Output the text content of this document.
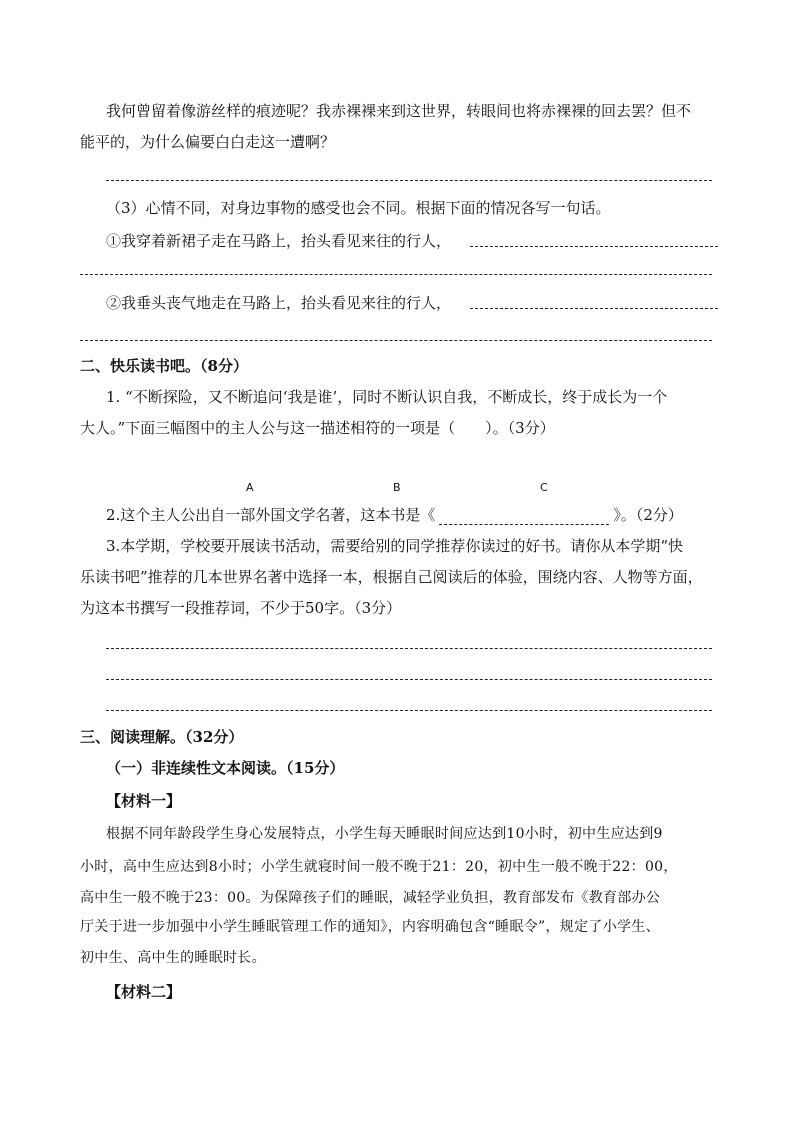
我何曾留着像游丝样的痕迹呢？我赤裸裸来到这世界，转眼间也将赤裸裸的回去罢？但不
能平的，为什么偏要白白走这一遭啊？
（3）心情不同，对身边事物的感受也会不同。根据下面的情况各写一句话。
①我穿着新裙子走在马路上，抬头看见来往的行人，
②我垂头丧气地走在马路上，抬头看见来往的行人，
二、快乐读书吧。（8分）
1. “不断探险，又不断追问‘我是谁’，同时不断认识自我，不断成长，终于成长为一个
大人。”下面三幅图中的主人公与这一描述相符的一项是（　　）。（3分）
A	B	C
2.这个主人公出自一部外国文学名著，这本书是《	》。（2分）
3.本学期，学校要开展读书活动，需要给别的同学推荐你读过的好书。请你从本学期“快
乐读书吧”推荐的几本世界名著中选择一本，根据自己阅读后的体验，围绕内容、人物等方面，
为这本书撰写一段推荐词，不少于50字。（3分）
三、阅读理解。（32分）
（一）非连续性文本阅读。（15分）
【材料一】
根据不同年龄段学生身心发展特点，小学生每天睡眠时间应达到10小时，初中生应达到9
小时，高中生应达到8小时；小学生就寝时间一般不晚于21：20，初中生一般不晚于22：00，
高中生一般不晚于23：00。为保障孩子们的睡眠，减轻学业负担，教育部发布《教育部办公
厅关于进一步加强中小学生睡眠管理工作的通知》，内容明确包含“睡眠令”，规定了小学生、
初中生、高中生的睡眠时长。
【材料二】
